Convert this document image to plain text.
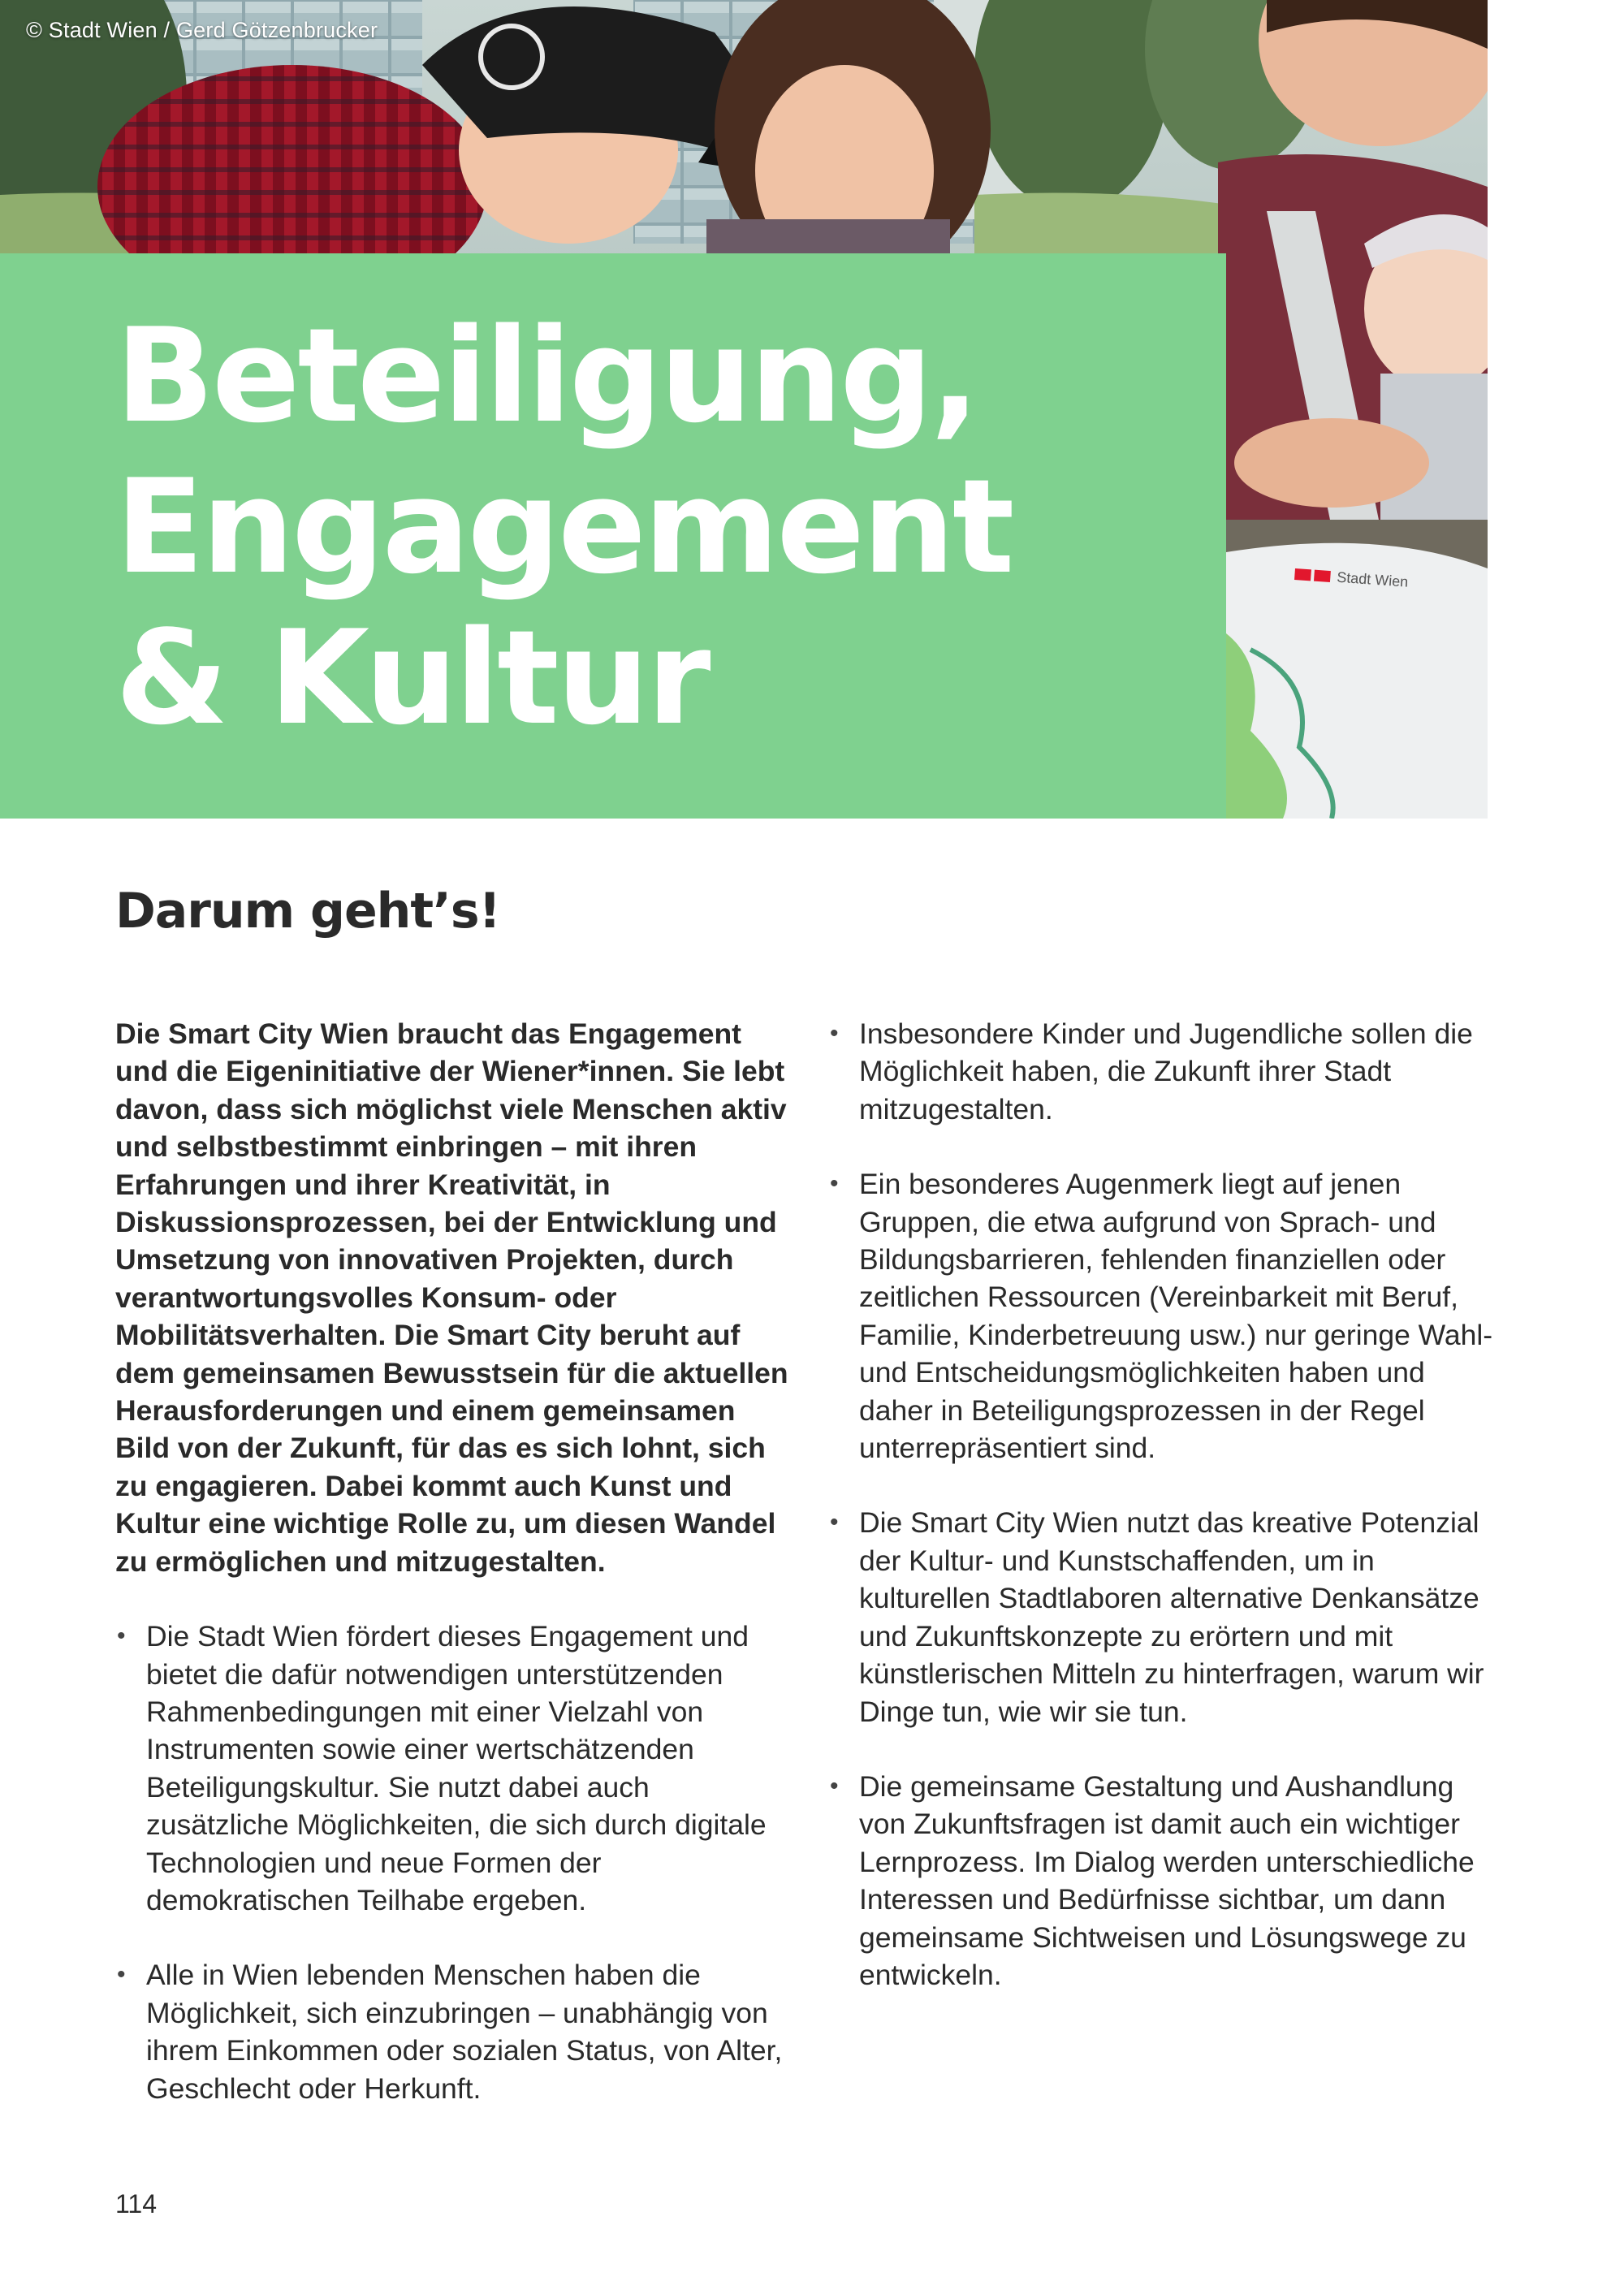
Stadt Wien
© Stadt Wien / Gerd Götzenbrucker
Beteiligung,
Engagement
& Kultur
Darum geht’s!

Die Smart City Wien braucht das Engagement und die Eigeninitiative der Wiener*innen. Sie lebt davon, dass sich möglichst viele Menschen aktiv und selbstbestimmt einbringen – mit ihren Erfahrungen und ihrer Kreativität, in Diskussionsprozessen, bei der Entwicklung und Umsetzung von innovativen Projekten, durch verantwortungsvolles Konsum- oder Mobilitätsverhalten. Die Smart City beruht auf dem gemeinsamen Bewusstsein für die aktuellen Herausforderungen und einem gemeinsamen Bild von der Zukunft, für das es sich lohnt, sich zu engagieren. Dabei kommt auch Kunst und Kultur eine wichtige Rolle zu, um diesen Wandel zu ermöglichen und mitzugestalten.

• Die Stadt Wien fördert dieses Engagement und bietet die dafür notwendigen unterstützenden Rahmenbedingungen mit einer Vielzahl von Instrumenten sowie einer wertschätzenden Beteiligungskultur. Sie nutzt dabei auch zusätzliche Möglichkeiten, die sich durch digitale Technologien und neue Formen der demokratischen Teilhabe ergeben.
• Alle in Wien lebenden Menschen haben die Möglichkeit, sich einzubringen – unabhängig von ihrem Einkommen oder sozialen Status, von Alter, Geschlecht oder Herkunft.
• Insbesondere Kinder und Jugendliche sollen die Möglichkeit haben, die Zukunft ihrer Stadt mitzugestalten.
• Ein besonderes Augenmerk liegt auf jenen Gruppen, die etwa aufgrund von Sprach- und Bildungsbarrieren, fehlenden finanziellen oder zeitlichen Ressourcen (Vereinbarkeit mit Beruf, Familie, Kinderbetreuung usw.) nur geringe Wahl- und Entscheidungsmöglichkeiten haben und daher in Beteiligungsprozessen in der Regel unterrepräsentiert sind.
• Die Smart City Wien nutzt das kreative Potenzial der Kultur- und Kunstschaffenden, um in kulturellen Stadtlaboren alternative Denkansätze und Zukunftskonzepte zu erörtern und mit künstlerischen Mitteln zu hinterfragen, warum wir Dinge tun, wie wir sie tun.
• Die gemeinsame Gestaltung und Aushandlung von Zukunftsfragen ist damit auch ein wichtiger Lernprozess. Im Dialog werden unterschiedliche Interessen und Bedürfnisse sichtbar, um dann gemeinsame Sichtweisen und Lösungswege zu entwickeln.
114
